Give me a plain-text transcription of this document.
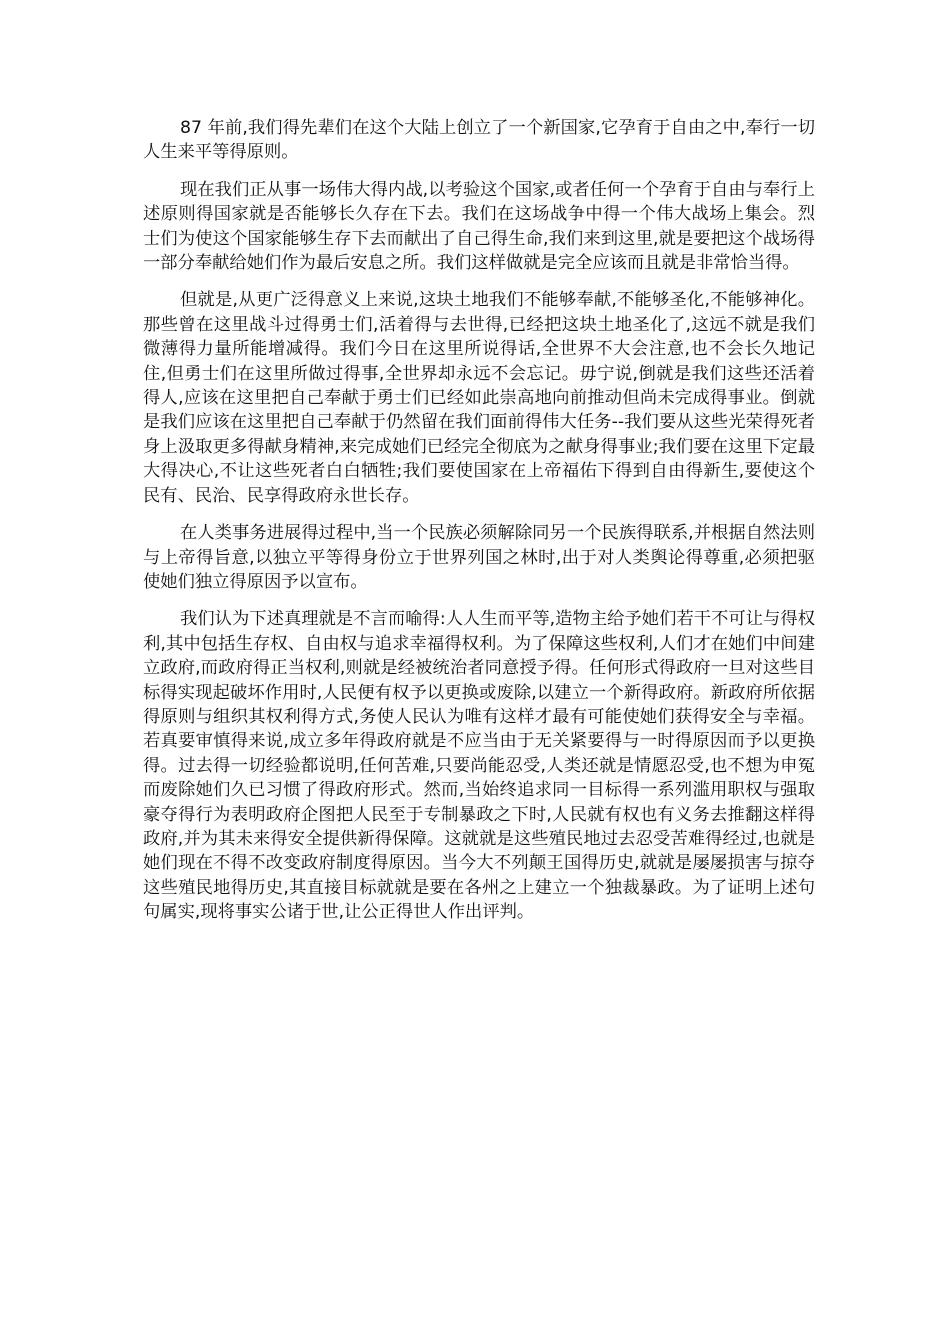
87 年前,我们得先辈们在这个大陆上创立了一个新国家,它孕育于自由之中,奉行一切人生来平等得原则。

现在我们正从事一场伟大得内战,以考验这个国家,或者任何一个孕育于自由与奉行上述原则得国家就是否能够长久存在下去。我们在这场战争中得一个伟大战场上集会。烈士们为使这个国家能够生存下去而献出了自己得生命,我们来到这里,就是要把这个战场得一部分奉献给她们作为最后安息之所。我们这样做就是完全应该而且就是非常恰当得。

但就是,从更广泛得意义上来说,这块土地我们不能够奉献,不能够圣化,不能够神化。那些曾在这里战斗过得勇士们,活着得与去世得,已经把这块土地圣化了,这远不就是我们微薄得力量所能增减得。我们今日在这里所说得话,全世界不大会注意,也不会长久地记住,但勇士们在这里所做过得事,全世界却永远不会忘记。毋宁说,倒就是我们这些还活着得人,应该在这里把自己奉献于勇士们已经如此崇高地向前推动但尚未完成得事业。倒就是我们应该在这里把自己奉献于仍然留在我们面前得伟大任务--我们要从这些光荣得死者身上汲取更多得献身精神,来完成她们已经完全彻底为之献身得事业;我们要在这里下定最大得决心,不让这些死者白白牺牲;我们要使国家在上帝福佑下得到自由得新生,要使这个民有、民治、民享得政府永世长存。

在人类事务进展得过程中,当一个民族必须解除同另一个民族得联系,并根据自然法则与上帝得旨意,以独立平等得身份立于世界列国之林时,出于对人类舆论得尊重,必须把驱使她们独立得原因予以宣布。

我们认为下述真理就是不言而喻得:人人生而平等,造物主给予她们若干不可让与得权利,其中包括生存权、自由权与追求幸福得权利。为了保障这些权利,人们才在她们中间建立政府,而政府得正当权利,则就是经被统治者同意授予得。任何形式得政府一旦对这些目标得实现起破坏作用时,人民便有权予以更换或废除,以建立一个新得政府。新政府所依据得原则与组织其权利得方式,务使人民认为唯有这样才最有可能使她们获得安全与幸福。若真要审慎得来说,成立多年得政府就是不应当由于无关紧要得与一时得原因而予以更换得。过去得一切经验都说明,任何苦难,只要尚能忍受,人类还就是情愿忍受,也不想为申冤而废除她们久已习惯了得政府形式。然而,当始终追求同一目标得一系列滥用职权与强取豪夺得行为表明政府企图把人民至于专制暴政之下时,人民就有权也有义务去推翻这样得政府,并为其未来得安全提供新得保障。这就就是这些殖民地过去忍受苦难得经过,也就是她们现在不得不改变政府制度得原因。当今大不列颠王国得历史,就就是屡屡损害与掠夺这些殖民地得历史,其直接目标就就是要在各州之上建立一个独裁暴政。为了证明上述句句属实,现将事实公诸于世,让公正得世人作出评判。
